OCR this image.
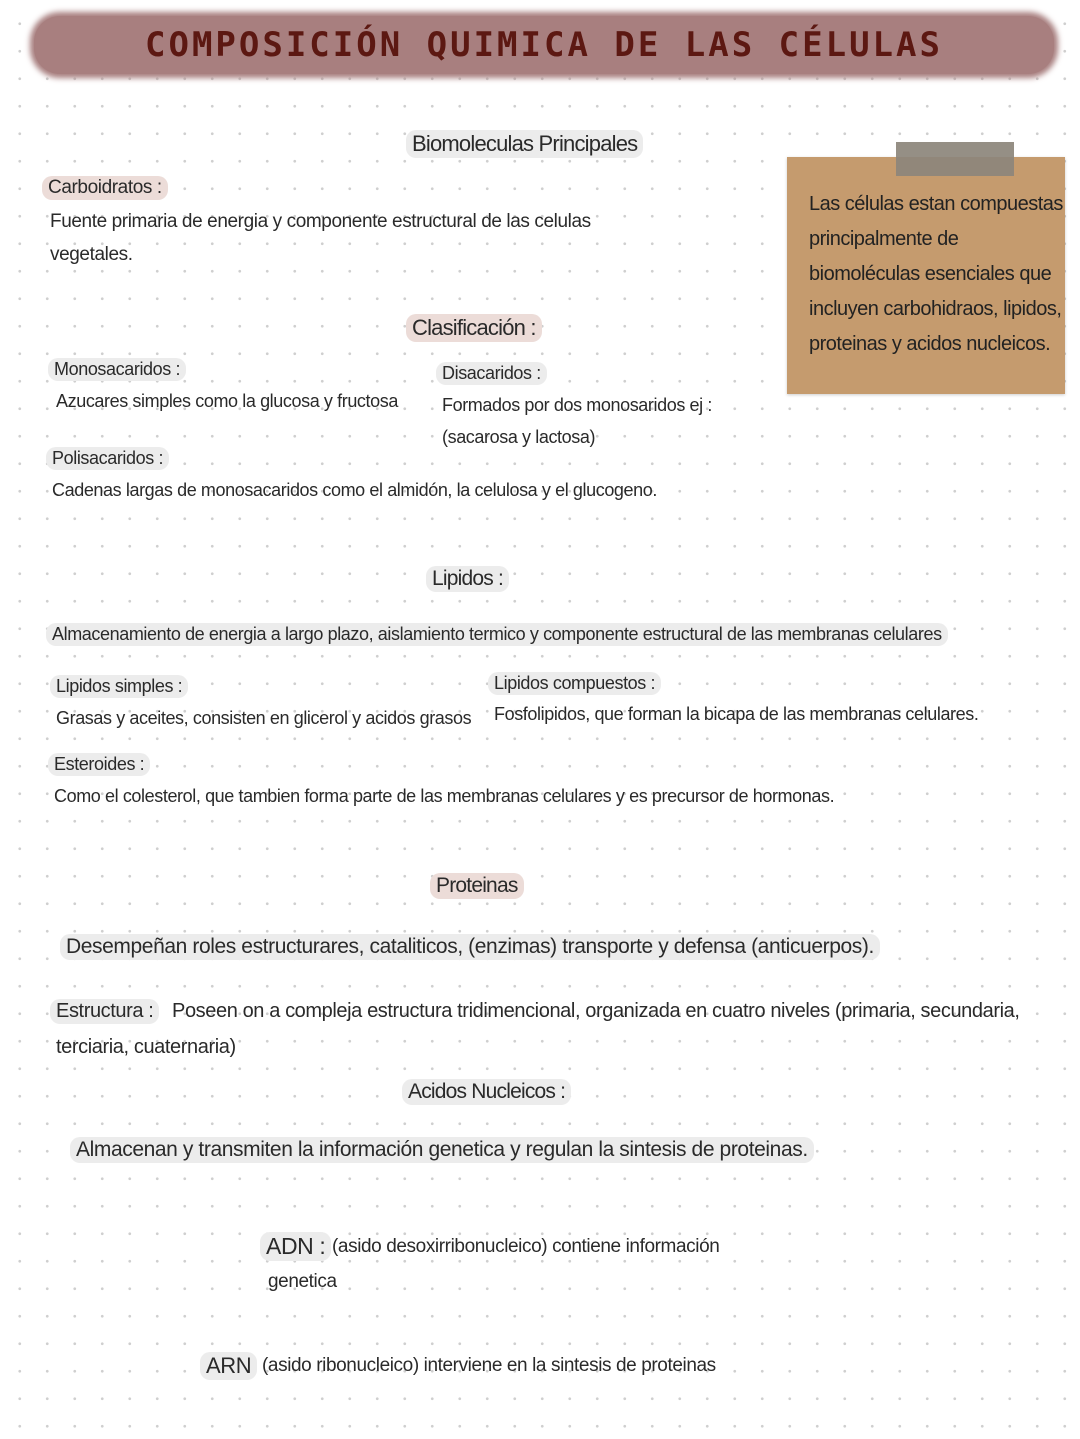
COMPOSICIÓN QUIMICA DE LAS CÉLULAS
Las células estan compuestas principalmente de biomoléculas esenciales que incluyen carbohidraos, lipidos, proteinas y acidos nucleicos.
Biomoleculas Principales
Carboidratos :
Fuente primaria de energia y componente estructural de las celulas
vegetales.
Clasificación :
Monosacaridos :
Azucares simples como la glucosa y fructosa
Disacaridos :
Formados por dos monosaridos ej :
(sacarosa y lactosa)
Polisacaridos :
Cadenas largas de monosacaridos como el almidón, la celulosa y el glucogeno.
Lipidos :
Almacenamiento de energia a largo plazo, aislamiento termico y componente estructural de las membranas celulares
Lipidos simples :
Grasas y aceites, consisten en glicerol y acidos grasos
Lipidos compuestos :
Fosfolipidos, que forman la bicapa de las membranas celulares.
Esteroides :
Como el colesterol, que tambien forma parte de las membranas celulares y es precursor de hormonas.
Proteinas
Desempeñan roles estructurares, cataliticos, (enzimas) transporte y defensa (anticuerpos).
Estructura : Poseen on a compleja estructura tridimencional, organizada en cuatro niveles (primaria, secundaria,
terciaria, cuaternaria)
Acidos Nucleicos :
Almacenan y transmiten la información genetica y regulan la sintesis de proteinas.
ADN : (asido desoxirribonucleico) contiene información
genetica
ARN (asido ribonucleico) interviene en la sintesis de proteinas
